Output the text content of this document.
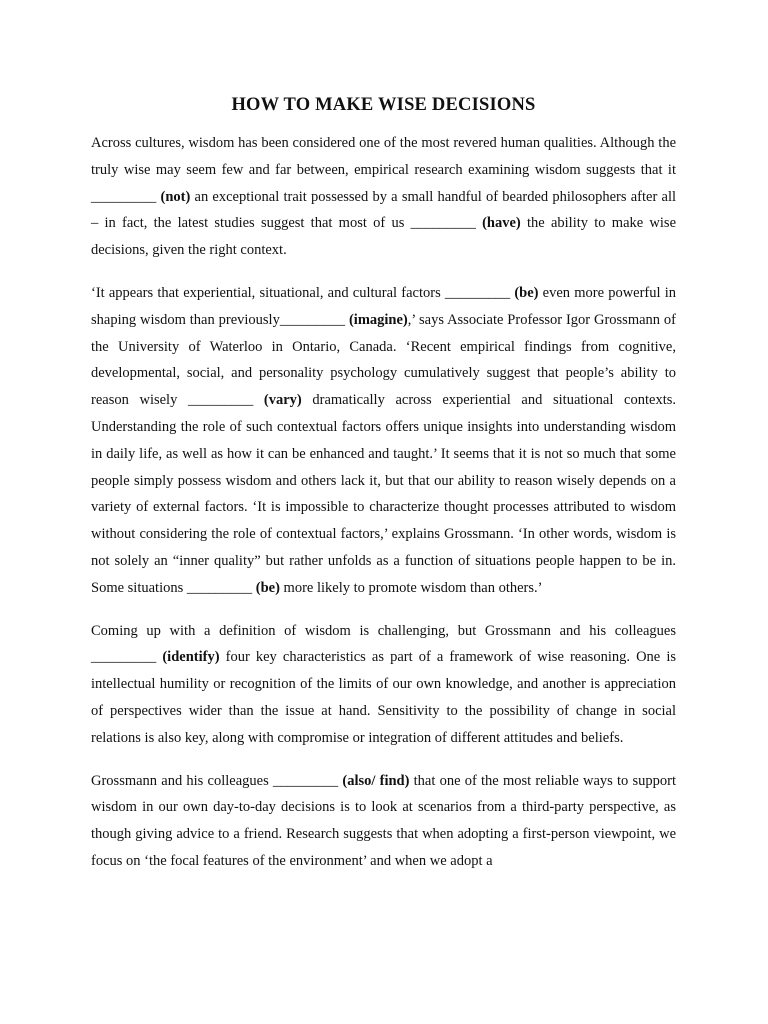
HOW TO MAKE WISE DECISIONS

Across cultures, wisdom has been considered one of the most revered human qualities. Although the truly wise may seem few and far between, empirical research examining wisdom suggests that it _________ (not) an exceptional trait possessed by a small handful of bearded philosophers after all – in fact, the latest studies suggest that most of us _________ (have) the ability to make wise decisions, given the right context.

‘It appears that experiential, situational, and cultural factors _________ (be) even more powerful in shaping wisdom than previously_________ (imagine),’ says Associate Professor Igor Grossmann of the University of Waterloo in Ontario, Canada. ‘Recent empirical findings from cognitive, developmental, social, and personality psychology cumulatively suggest that people’s ability to reason wisely _________ (vary) dramatically across experiential and situational contexts. Understanding the role of such contextual factors offers unique insights into understanding wisdom in daily life, as well as how it can be enhanced and taught.’ It seems that it is not so much that some people simply possess wisdom and others lack it, but that our ability to reason wisely depends on a variety of external factors. ‘It is impossible to characterize thought processes attributed to wisdom without considering the role of contextual factors,’ explains Grossmann. ‘In other words, wisdom is not solely an “inner quality” but rather unfolds as a function of situations people happen to be in. Some situations _________ (be) more likely to promote wisdom than others.’

Coming up with a definition of wisdom is challenging, but Grossmann and his colleagues _________ (identify) four key characteristics as part of a framework of wise reasoning. One is intellectual humility or recognition of the limits of our own knowledge, and another is appreciation of perspectives wider than the issue at hand. Sensitivity to the possibility of change in social relations is also key, along with compromise or integration of different attitudes and beliefs.

Grossmann and his colleagues _________ (also/ find) that one of the most reliable ways to support wisdom in our own day-to-day decisions is to look at scenarios from a third-party perspective, as though giving advice to a friend. Research suggests that when adopting a first-person viewpoint, we focus on ‘the focal features of the environment’ and when we adopt a
